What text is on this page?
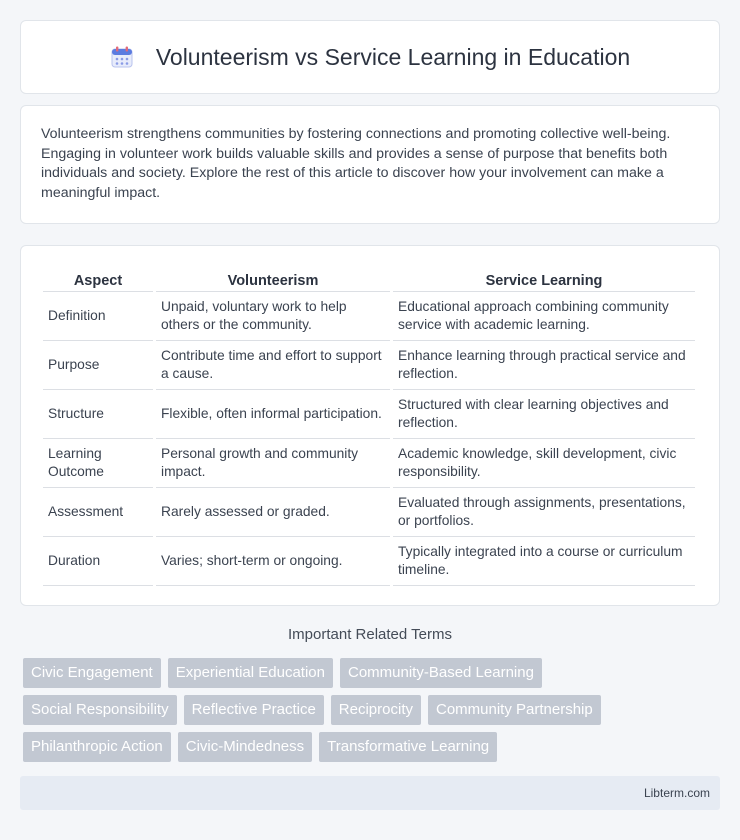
Volunteerism vs Service Learning in Education

Volunteerism strengthens communities by fostering connections and promoting collective well-being. Engaging in volunteer work builds valuable skills and provides a sense of purpose that benefits both individuals and society. Explore the rest of this article to discover how your involvement can make a meaningful impact.

Aspect	Volunteerism	Service Learning
Definition	Unpaid, voluntary work to help others or the community.	Educational approach combining community service with academic learning.
Purpose	Contribute time and effort to support a cause.	Enhance learning through practical service and reflection.
Structure	Flexible, often informal participation.	Structured with clear learning objectives and reflection.
Learning Outcome	Personal growth and community impact.	Academic knowledge, skill development, civic responsibility.
Assessment	Rarely assessed or graded.	Evaluated through assignments, presentations, or portfolios.
Duration	Varies; short-term or ongoing.	Typically integrated into a course or curriculum timeline.
Important Related Terms
Civic Engagement	Experiential Education	Community-Based Learning
Social Responsibility	Reflective Practice	Reciprocity	Community Partnership
Philanthropic Action	Civic-Mindedness	Transformative Learning
Libterm.com
